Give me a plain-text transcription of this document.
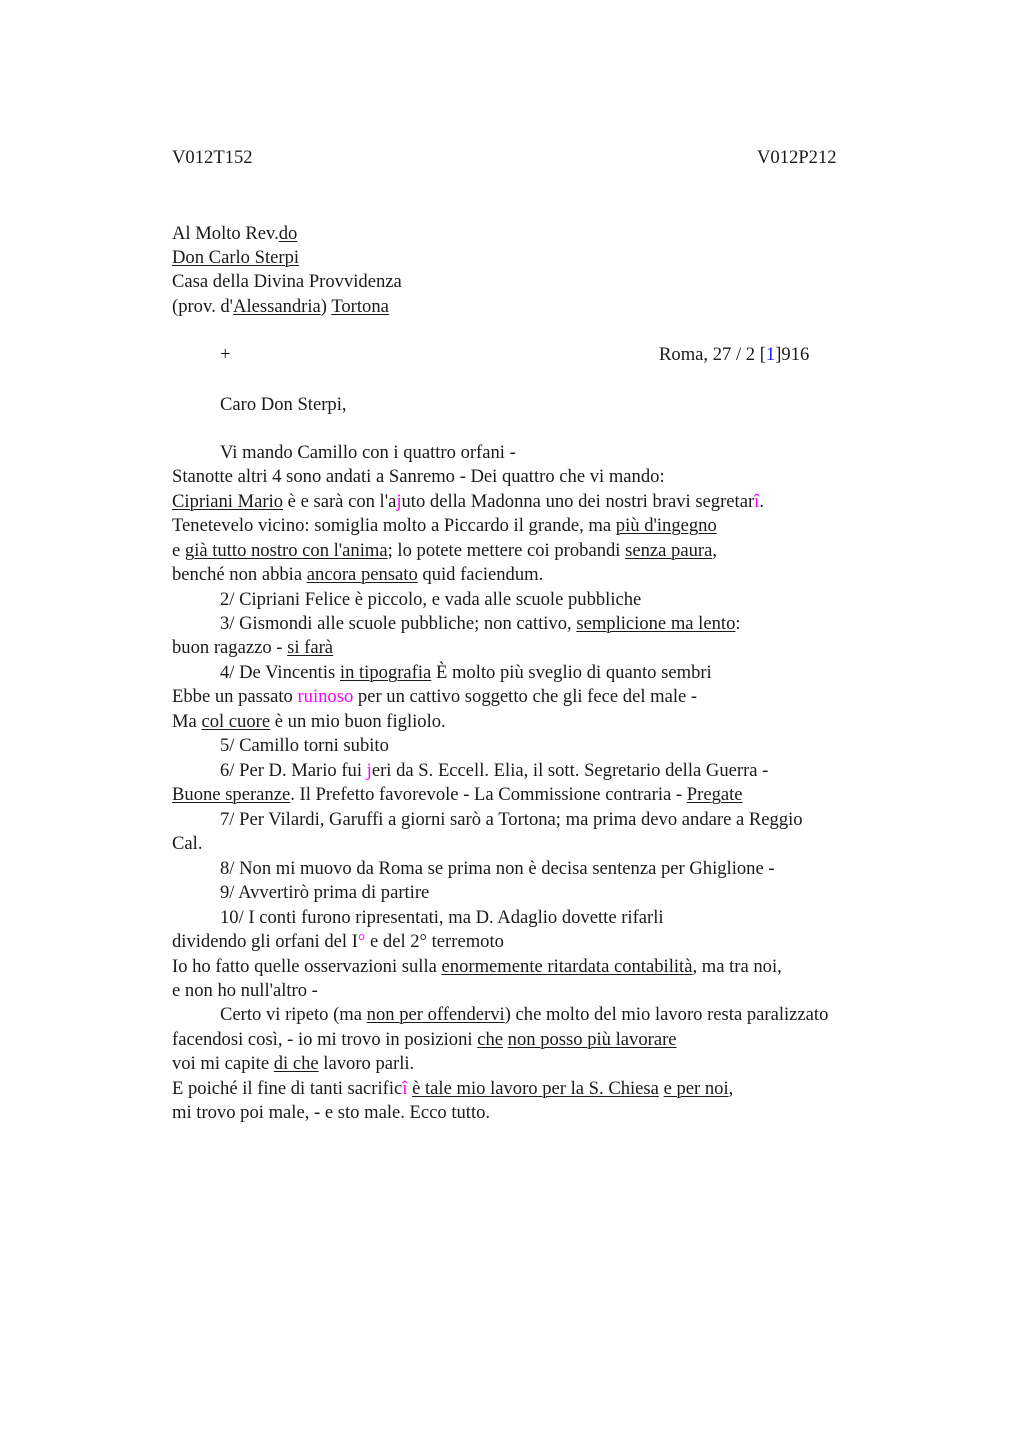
V012T152	V012P212
Al Molto Rev.do
Don Carlo Sterpi
Casa della Divina Provvidenza
(prov. d'Alessandria) Tortona
+	Roma, 27 / 2 [1]916
Caro Don Sterpi,
Vi mando Camillo con i quattro orfani -
Stanotte altri 4 sono andati a Sanremo - Dei quattro che vi mando:
Cipriani Mario è e sarà con l'ajuto della Madonna uno dei nostri bravi segretarî.
Tenetevelo vicino: somiglia molto a Piccardo il grande, ma più d'ingegno
e già tutto nostro con l'anima; lo potete mettere coi probandi senza paura,
benché non abbia ancora pensato quid faciendum.
2/ Cipriani Felice è piccolo, e vada alle scuole pubbliche
3/ Gismondi alle scuole pubbliche; non cattivo, semplicione ma lento:
buon ragazzo - si farà
4/ De Vincentis in tipografia È molto più sveglio di quanto sembri
Ebbe un passato ruinoso per un cattivo soggetto che gli fece del male -
Ma col cuore è un mio buon figliolo.
5/ Camillo torni subito
6/ Per D. Mario fui jeri da S. Eccell. Elia, il sott. Segretario della Guerra -
Buone speranze. Il Prefetto favorevole - La Commissione contraria - Pregate
7/ Per Vilardi, Garuffi a giorni sarò a Tortona; ma prima devo andare a Reggio
Cal.
8/ Non mi muovo da Roma se prima non è decisa sentenza per Ghiglione -
9/ Avvertirò prima di partire
10/ I conti furono ripresentati, ma D. Adaglio dovette rifarli
dividendo gli orfani del I° e del 2° terremoto
Io ho fatto quelle osservazioni sulla enormemente ritardata contabilità, ma tra noi,
e non ho null'altro -
Certo vi ripeto (ma non per offendervi) che molto del mio lavoro resta paralizzato
facendosi così, - io mi trovo in posizioni che non posso più lavorare
voi mi capite di che lavoro parli.
E poiché il fine di tanti sacrificî è tale mio lavoro per la S. Chiesa e per noi,
mi trovo poi male, - e sto male. Ecco tutto.
